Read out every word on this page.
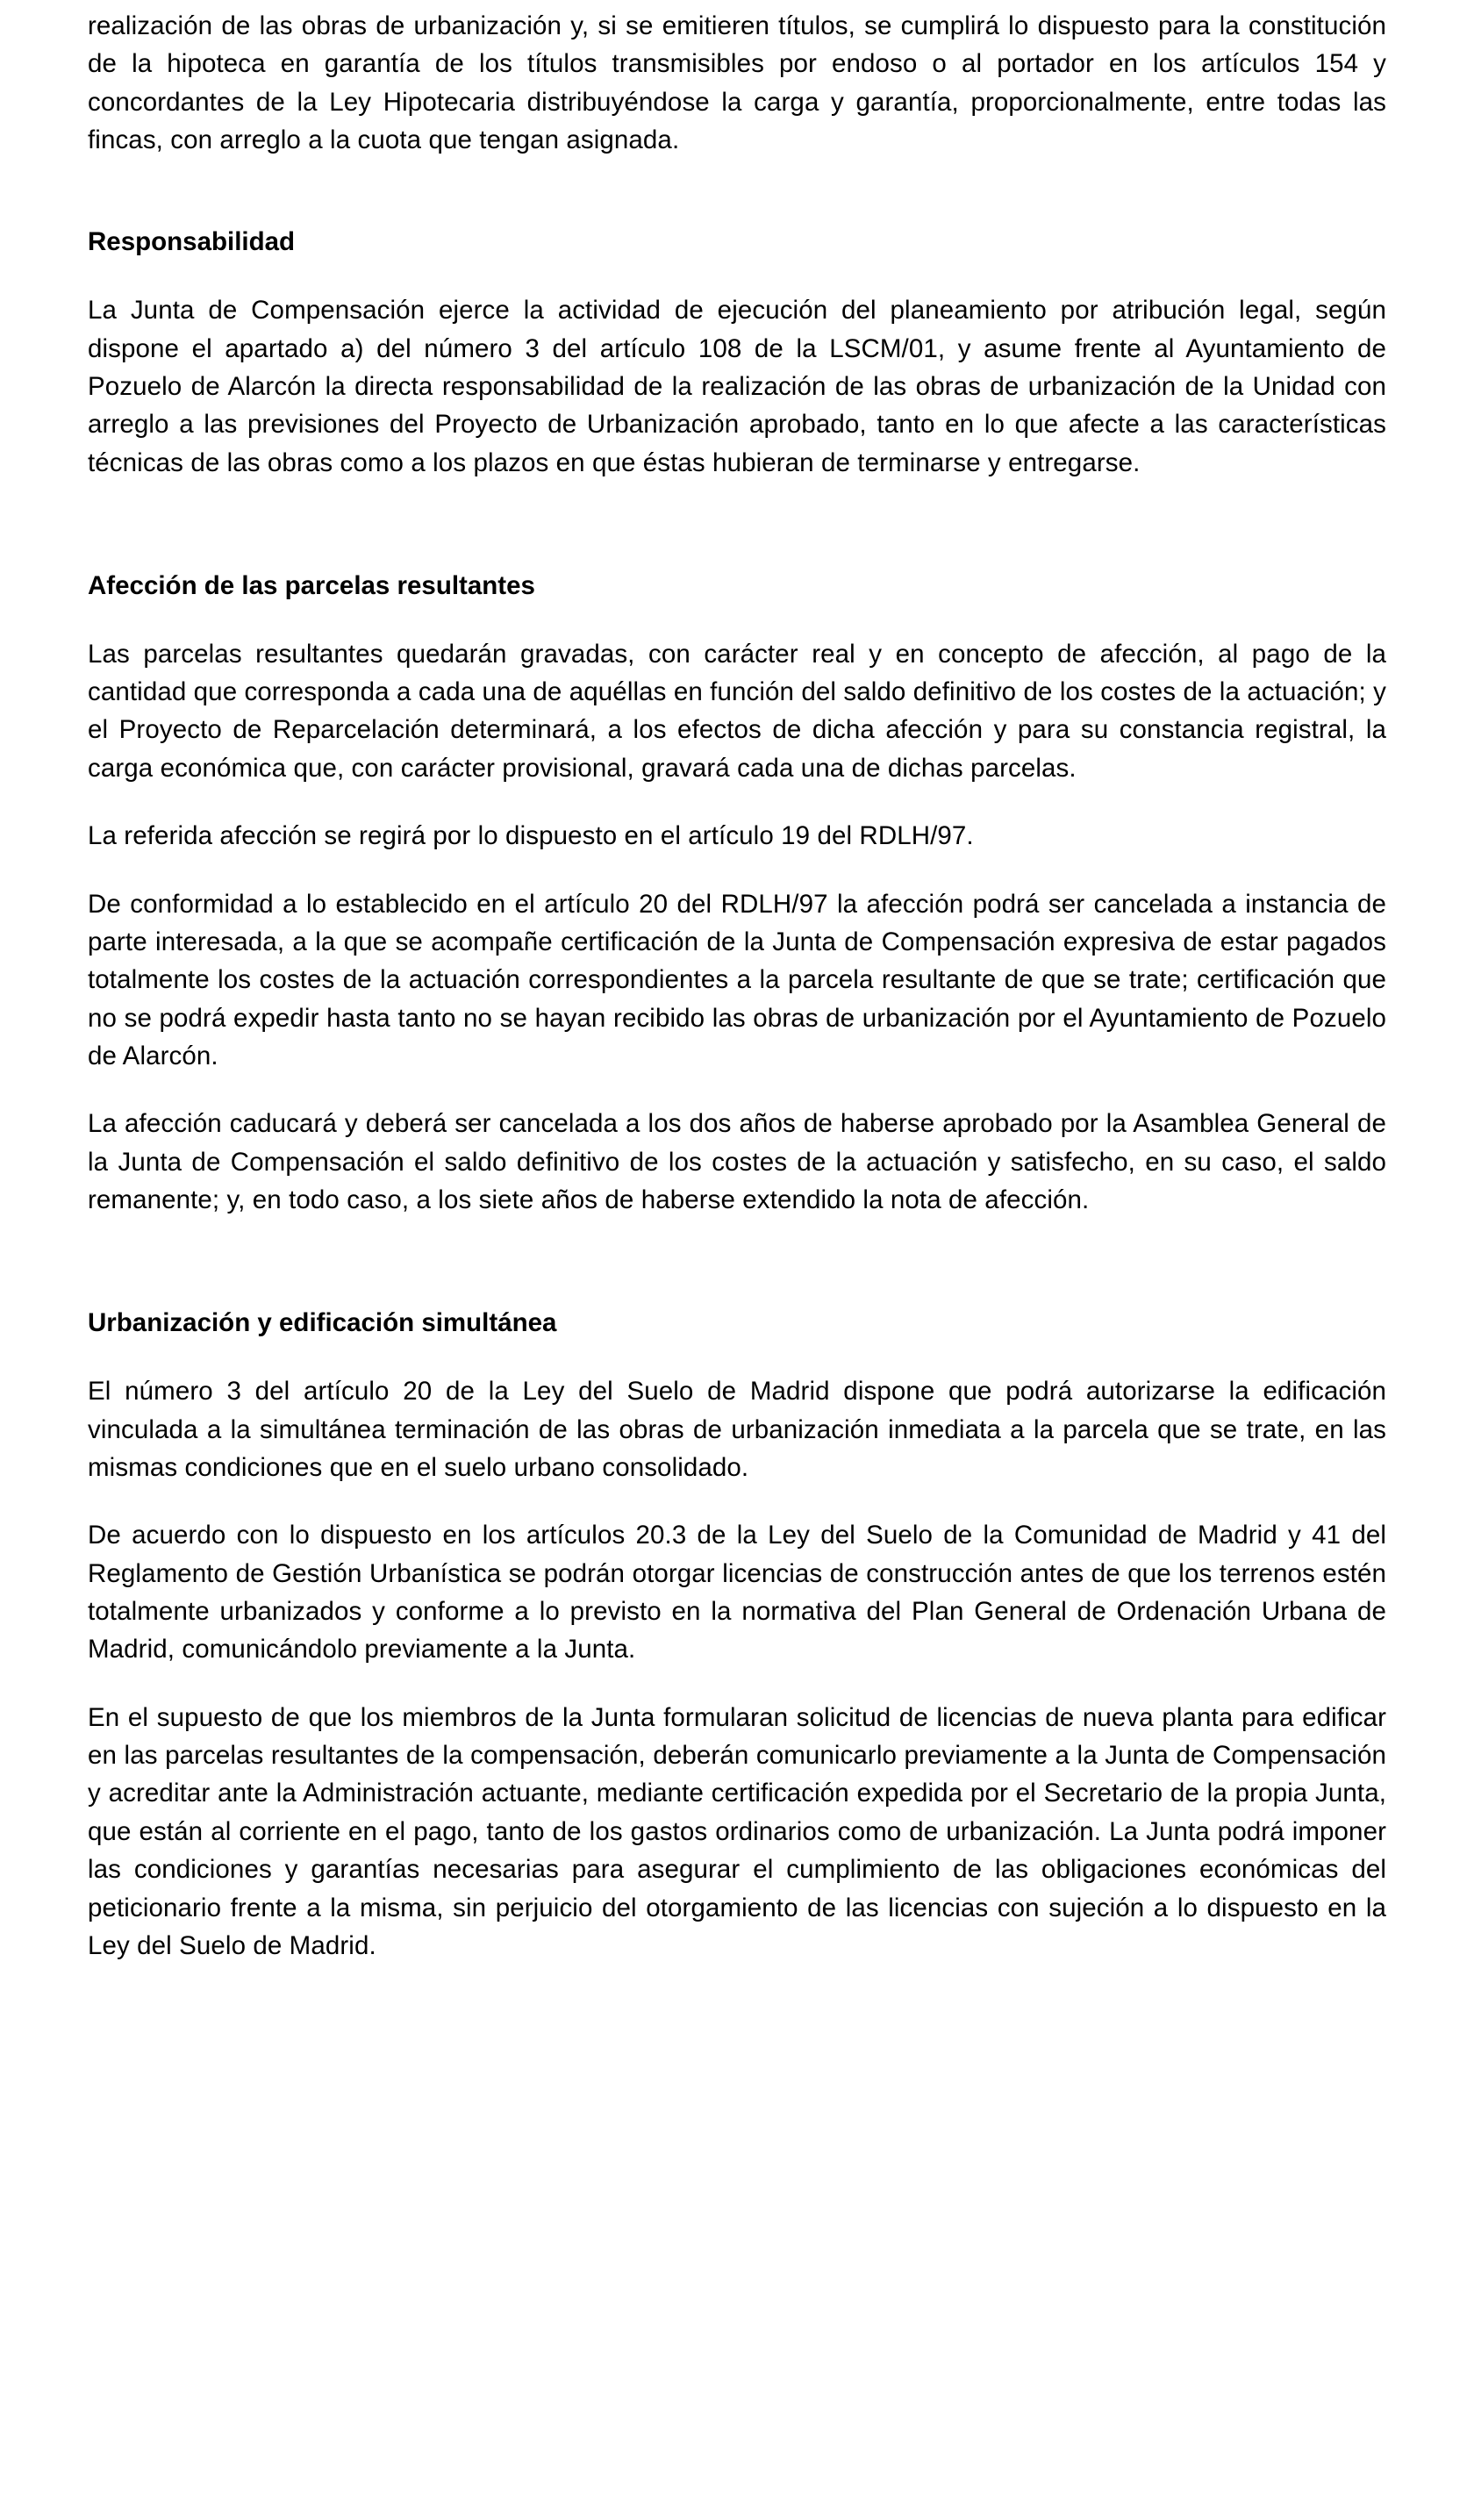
realización de las obras de urbanización y, si se emitieren títulos, se cumplirá lo dispuesto para la constitución de la hipoteca en garantía de los títulos transmisibles por endoso o al portador en los artículos 154 y concordantes de la Ley Hipotecaria distribuyéndose la carga y garantía, proporcionalmente, entre todas las fincas, con arreglo a la cuota que tengan asignada.

Responsabilidad

La Junta de Compensación ejerce la actividad de ejecución del planeamiento por atribución legal, según dispone el apartado a) del número 3 del artículo 108 de la LSCM/01, y asume frente al Ayuntamiento de Pozuelo de Alarcón la directa responsabilidad de la realización de las obras de urbanización de la Unidad con arreglo a las previsiones del Proyecto de Urbanización aprobado, tanto en lo que afecte a las características técnicas de las obras como a los plazos en que éstas hubieran de terminarse y entregarse.

Afección de las parcelas resultantes

Las parcelas resultantes quedarán gravadas, con carácter real y en concepto de afección, al pago de la cantidad que corresponda a cada una de aquéllas en función del saldo definitivo de los costes de la actuación; y el Proyecto de Reparcelación determinará, a los efectos de dicha afección y para su constancia registral, la carga económica que, con carácter provisional, gravará cada una de dichas parcelas.

La referida afección se regirá por lo dispuesto en el artículo 19 del RDLH/97.

De conformidad a lo establecido en el artículo 20 del RDLH/97 la afección podrá ser cancelada a instancia de parte interesada, a la que se acompañe certificación de la Junta de Compensación expresiva de estar pagados totalmente los costes de la actuación correspondientes a la parcela resultante de que se trate; certificación que no se podrá expedir hasta tanto no se hayan recibido las obras de urbanización por el Ayuntamiento de Pozuelo de Alarcón.

La afección caducará y deberá ser cancelada a los dos años de haberse aprobado por la Asamblea General de la Junta de Compensación el saldo definitivo de los costes de la actuación y satisfecho, en su caso, el saldo remanente; y, en todo caso, a los siete años de haberse extendido la nota de afección.

Urbanización y edificación simultánea

El número 3 del artículo 20 de la Ley del Suelo de Madrid dispone que podrá autorizarse la edificación vinculada a la simultánea terminación de las obras de urbanización inmediata a la parcela que se trate, en las mismas condiciones que en el suelo urbano consolidado.

De acuerdo con lo dispuesto en los artículos 20.3 de la Ley del Suelo de la Comunidad de Madrid y 41 del Reglamento de Gestión Urbanística se podrán otorgar licencias de construcción antes de que los terrenos estén totalmente urbanizados y conforme a lo previsto en la normativa del Plan General de Ordenación Urbana de Madrid, comunicándolo previamente a la Junta.

En el supuesto de que los miembros de la Junta formularan solicitud de licencias de nueva planta para edificar en las parcelas resultantes de la compensación, deberán comunicarlo previamente a la Junta de Compensación y acreditar ante la Administración actuante, mediante certificación expedida por el Secretario de la propia Junta, que están al corriente en el pago, tanto de los gastos ordinarios como de urbanización. La Junta podrá imponer las condiciones y garantías necesarias para asegurar el cumplimiento de las obligaciones económicas del peticionario frente a la misma, sin perjuicio del otorgamiento de las licencias con sujeción a lo dispuesto en la Ley del Suelo de Madrid.
